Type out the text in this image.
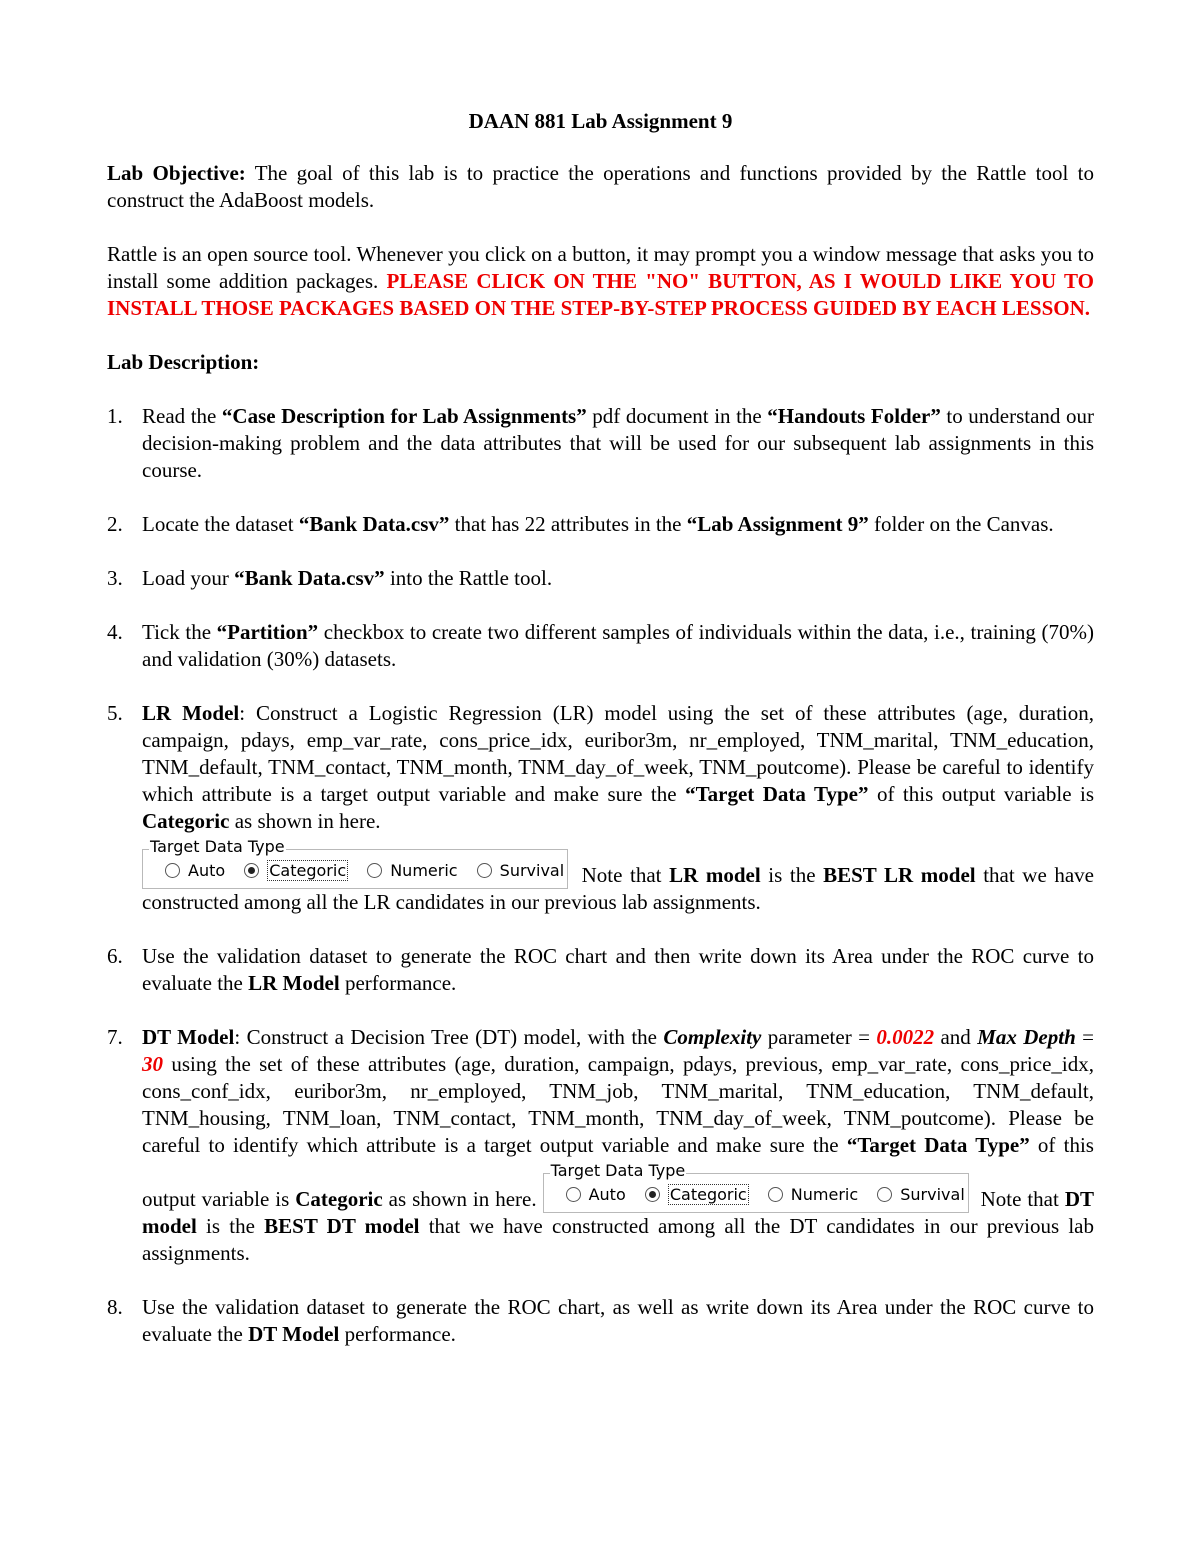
DAAN 881 Lab Assignment 9

Lab Objective: The goal of this lab is to practice the operations and functions provided by the Rattle tool to construct the AdaBoost models.

Rattle is an open source tool. Whenever you click on a button, it may prompt you a window message that asks you to install some addition packages. PLEASE CLICK ON THE "NO" BUTTON, AS I WOULD LIKE YOU TO INSTALL THOSE PACKAGES BASED ON THE STEP-BY-STEP PROCESS GUIDED BY EACH LESSON.

Lab Description:

1. Read the “Case Description for Lab Assignments” pdf document in the “Handouts Folder” to understand our decision-making problem and the data attributes that will be used for our subsequent lab assignments in this course.
2. Locate the dataset “Bank Data.csv” that has 22 attributes in the “Lab Assignment 9” folder on the Canvas.
3. Load your “Bank Data.csv” into the Rattle tool.
4. Tick the “Partition” checkbox to create two different samples of individuals within the data, i.e., training (70%) and validation (30%) datasets.
5. LR Model: Construct a Logistic Regression (LR) model using the set of these attributes (age, duration, campaign, pdays, emp_var_rate, cons_price_idx, euribor3m, nr_employed, TNM_marital, TNM_education, TNM_default, TNM_contact, TNM_month, TNM_day_of_week, TNM_poutcome). Please be careful to identify which attribute is a target output variable and make sure the “Target Data Type” of this output variable is Categoric as shown in here.
Target Data Type
Auto	Categoric	Numeric	Survival Note that LR model is the BEST LR model that we have constructed among all the LR candidates in our previous lab assignments.
6. Use the validation dataset to generate the ROC chart and then write down its Area under the ROC curve to evaluate the LR Model performance.
7. DT Model: Construct a Decision Tree (DT) model, with the Complexity parameter = 0.0022 and Max Depth = 30 using the set of these attributes (age, duration, campaign, pdays, previous, emp_var_rate, cons_price_idx, cons_conf_idx, euribor3m, nr_employed, TNM_job, TNM_marital, TNM_education, TNM_default, TNM_housing, TNM_loan, TNM_contact, TNM_month, TNM_day_of_week, TNM_poutcome). Please be careful to identify which attribute is a target output variable and make sure the “Target Data Type” of this output variable is Categoric as shown in here.
Target Data Type
Auto	Categoric	Numeric	Survival Note that DT model is the BEST DT model that we have constructed among all the DT candidates in our previous lab assignments.
8. Use the validation dataset to generate the ROC chart, as well as write down its Area under the ROC curve to evaluate the DT Model performance.
